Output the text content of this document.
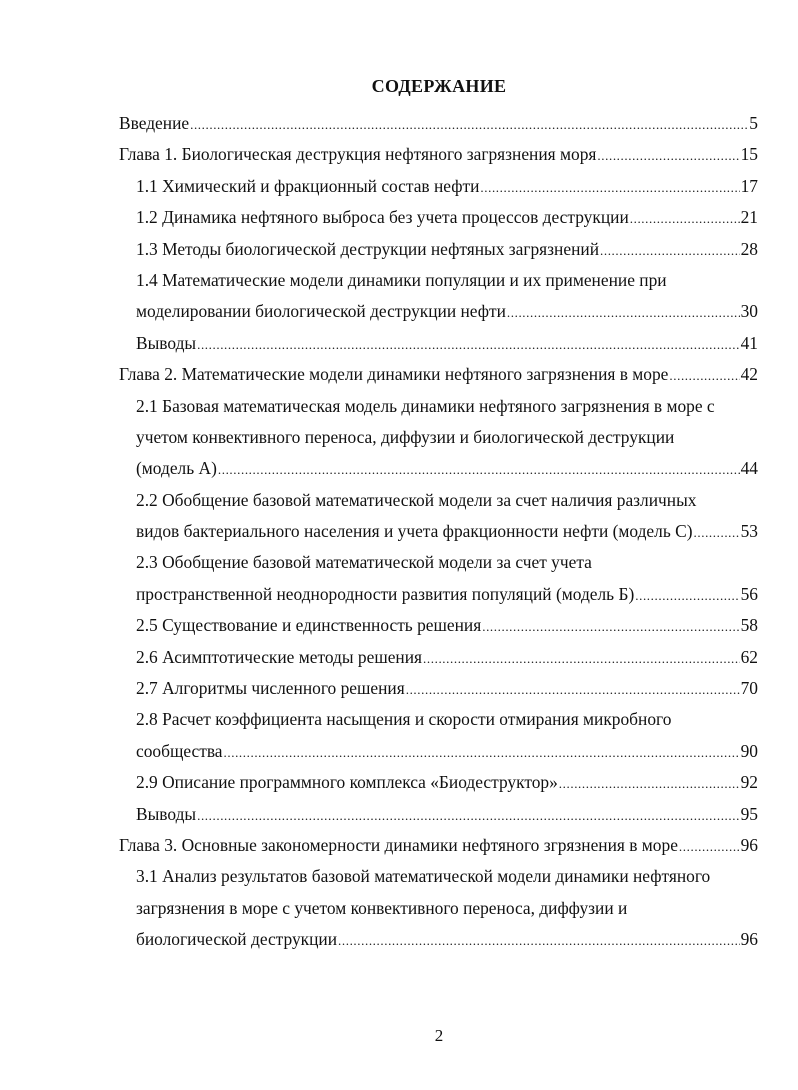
СОДЕРЖАНИЕ
Введение .....	5
Глава 1. Биологическая деструкция нефтяного загрязнения моря .....	15
1.1 Химический и фракционный состав нефти .....	17
1.2 Динамика нефтяного выброса без учета процессов деструкции .....	21
1.3 Методы биологической деструкции нефтяных загрязнений .....	28
1.4 Математические модели динамики популяции и их применение при
моделировании биологической деструкции нефти .....	30
Выводы .....	41
Глава 2. Математические модели динамики нефтяного загрязнения в море .....	42
2.1 Базовая математическая модель динамики нефтяного загрязнения в море с
учетом конвективного переноса, диффузии и биологической деструкции
(модель А) .....	44
2.2 Обобщение базовой математической модели за счет наличия различных
видов бактериального населения и учета фракционности нефти (модель С) .....	53
2.3 Обобщение базовой математической модели за счет учета
пространственной неоднородности развития популяций (модель Б) .....	56
2.5 Существование и единственность решения .....	58
2.6 Асимптотические методы решения .....	62
2.7 Алгоритмы численного решения .....	70
2.8 Расчет коэффициента насыщения и скорости отмирания микробного
сообщества .....	90
2.9 Описание программного комплекса «Биодеструктор» .....	92
Выводы .....	95
Глава 3. Основные закономерности динамики нефтяного згрязнения в море .....	96
3.1 Анализ результатов базовой математической модели динамики нефтяного
загрязнения в море с учетом конвективного переноса, диффузии и
биологической деструкции .....	96
2
